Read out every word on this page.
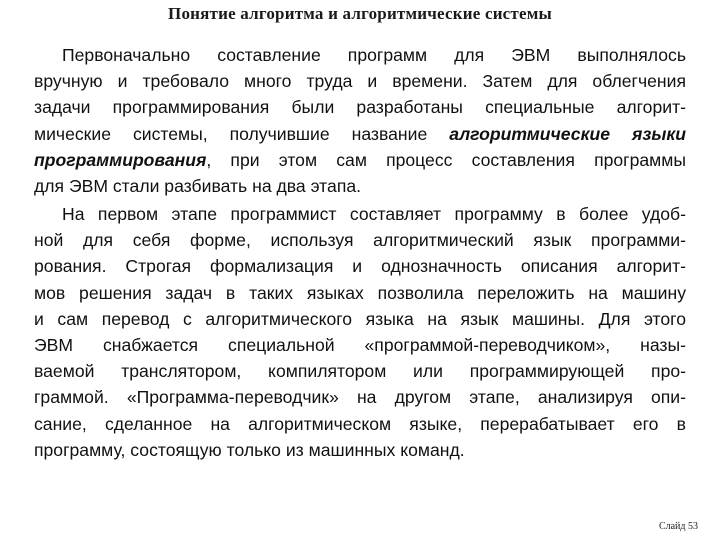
Понятие алгоритма и алгоритмические системы
Первоначально составление программ для ЭВМ выполнялось
вручную и требовало много труда и времени. Затем для облегчения
задачи программирования были разработаны специальные алгорит-
мические системы, получившие название алгоритмические языки
программирования, при этом сам процесс составления программы
для ЭВМ стали разбивать на два этапа.
На первом этапе программист составляет программу в более удоб-
ной для себя форме, используя алгоритмический язык программи-
рования. Строгая формализация и однозначность описания алгорит-
мов решения задач в таких языках позволила переложить на машину
и сам перевод с алгоритмического языка на язык машины. Для этого
ЭВМ снабжается специальной «программой-переводчиком», назы-
ваемой транслятором, компилятором или программирующей про-
граммой. «Программа-переводчик» на другом этапе, анализируя опи-
сание, сделанное на алгоритмическом языке, перерабатывает его в
программу, состоящую только из машинных команд.
Слайд 53
